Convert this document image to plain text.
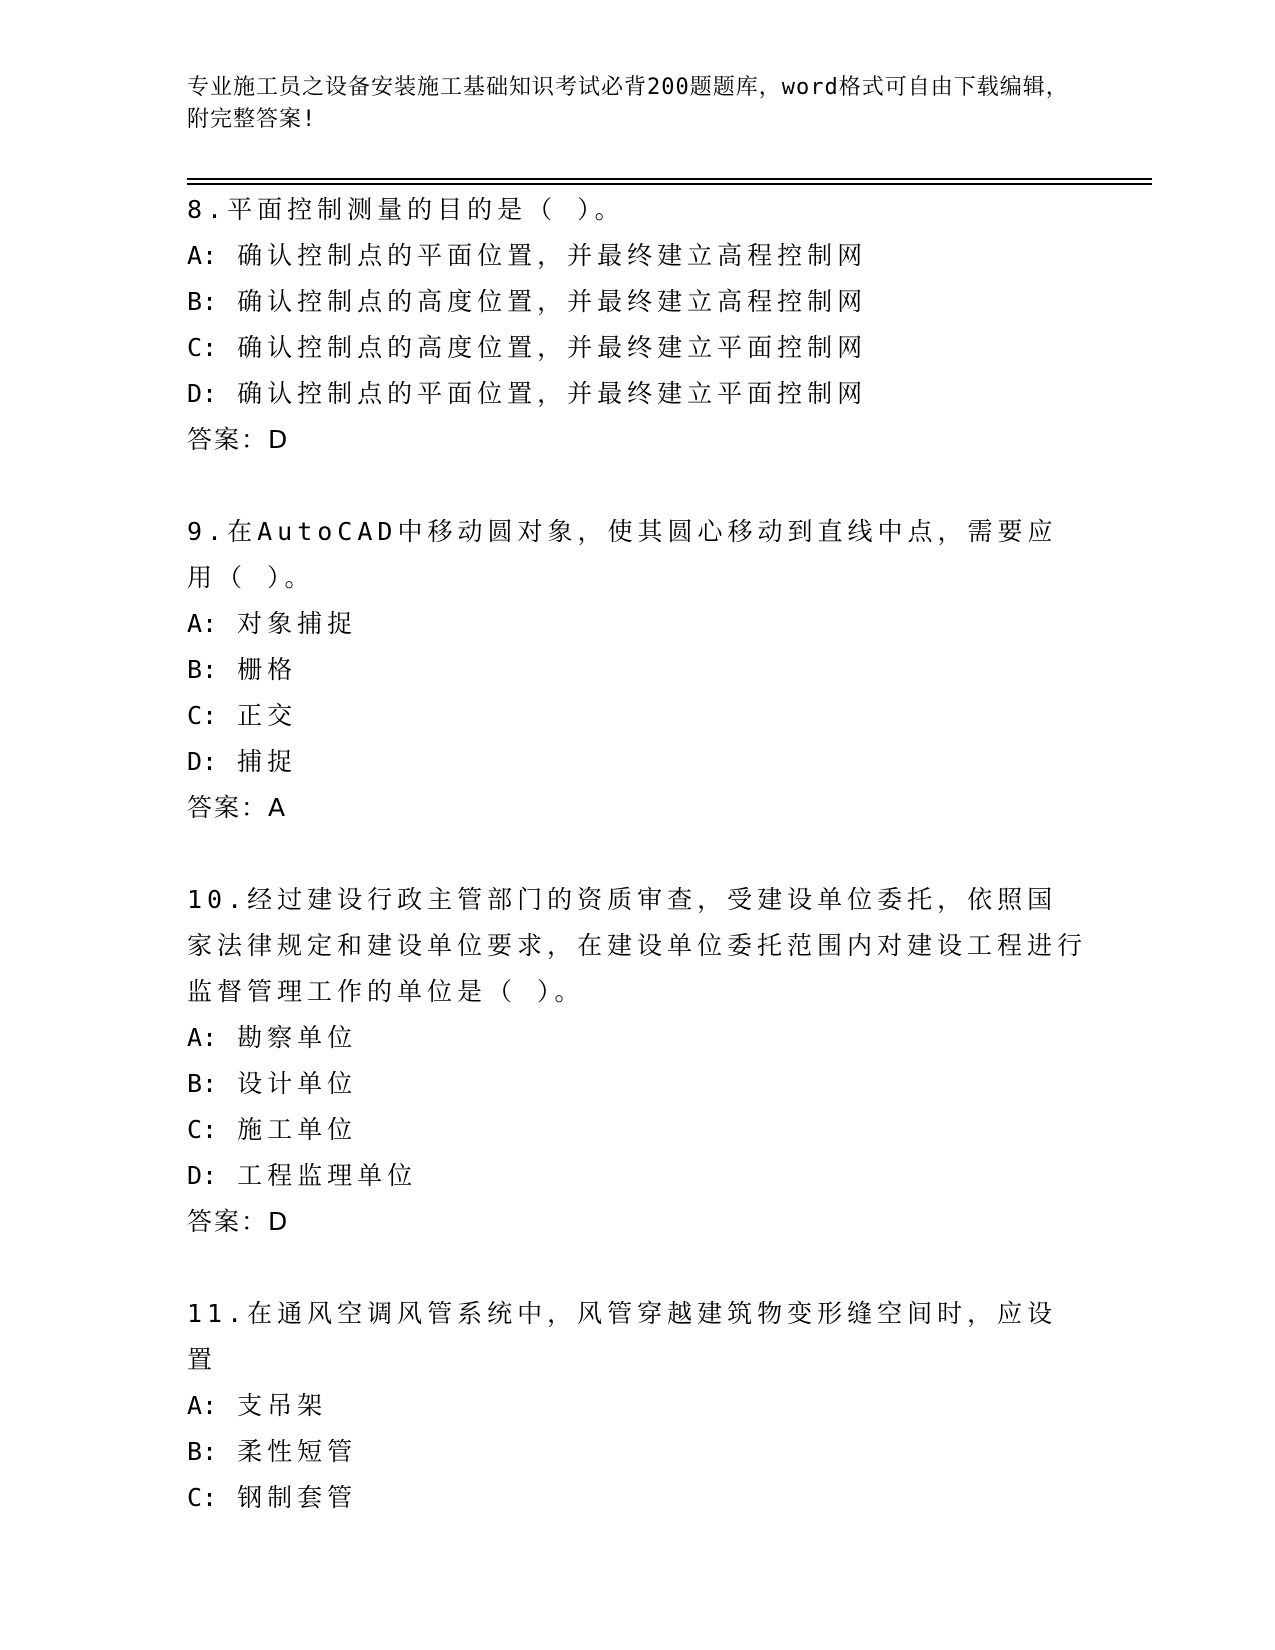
专业施工员之设备安装施工基础知识考试必背200题题库，word格式可自由下载编辑，附完整答案!

8.平面控制测量的目的是（ ）。

A: 确认控制点的平面位置，并最终建立高程控制网

B: 确认控制点的高度位置，并最终建立高程控制网

C: 确认控制点的高度位置，并最终建立平面控制网

D: 确认控制点的平面位置，并最终建立平面控制网

答案：D

9.在AutoCAD中移动圆对象，使其圆心移动到直线中点，需要应用（ ）。

A: 对象捕捉

B: 栅格

C: 正交

D: 捕捉

答案：A

10.经过建设行政主管部门的资质审查，受建设单位委托，依照国家法律规定和建设单位要求，在建设单位委托范围内对建设工程进行监督管理工作的单位是（ ）。

A: 勘察单位

B: 设计单位

C: 施工单位

D: 工程监理单位

答案：D

11.在通风空调风管系统中，风管穿越建筑物变形缝空间时，应设置

A: 支吊架

B: 柔性短管

C: 钢制套管
